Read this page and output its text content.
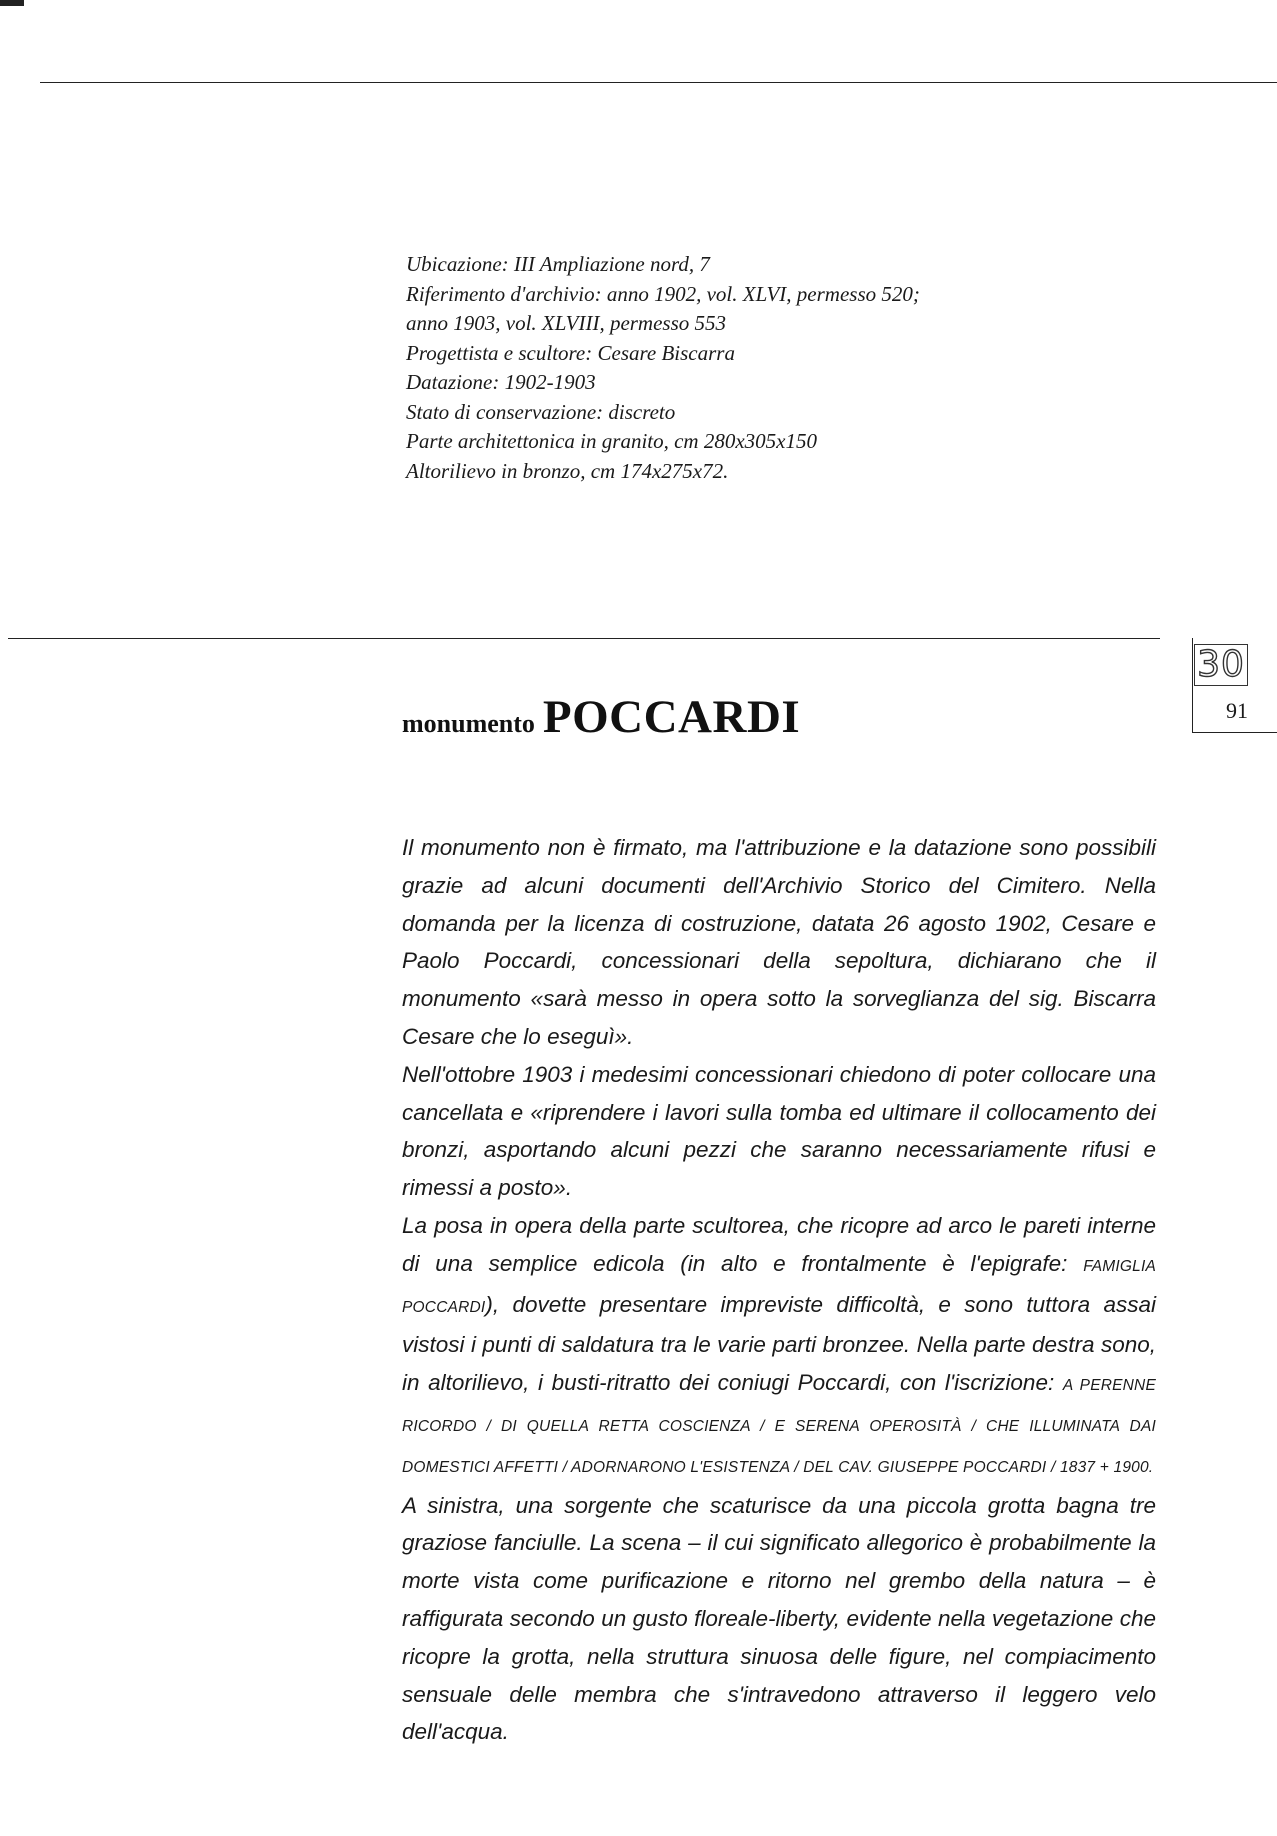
Ubicazione: III Ampliazione nord, 7

Riferimento d'archivio: anno 1902, vol. XLVI, permesso 520;

anno 1903, vol. XLVIII, permesso 553

Progettista e scultore: Cesare Biscarra

Datazione: 1902-1903

Stato di conservazione: discreto

Parte architettonica in granito, cm 280x305x150

Altorilievo in bronzo, cm 174x275x72.

30
91
monumento POCCARDI

Il monumento non è firmato, ma l'attribuzione e la datazione sono possibili grazie ad alcuni documenti dell'Archivio Storico del Cimitero. Nella domanda per la licenza di costruzione, datata 26 agosto 1902, Cesare e Paolo Poccardi, concessionari della sepoltura, dichiarano che il monumento «sarà messo in opera sotto la sorveglianza del sig. Biscarra Cesare che lo eseguì».

Nell'ottobre 1903 i medesimi concessionari chiedono di poter collocare una cancellata e «riprendere i lavori sulla tomba ed ultimare il collocamento dei bronzi, asportando alcuni pezzi che saranno necessariamente rifusi e rimessi a posto».

La posa in opera della parte scultorea, che ricopre ad arco le pareti interne di una semplice edicola (in alto e frontalmente è l'epigrafe: FAMIGLIA POCCARDI), dovette presentare impreviste difficoltà, e sono tuttora assai vistosi i punti di saldatura tra le varie parti bronzee. Nella parte destra sono, in altorilievo, i busti-ritratto dei coniugi Poccardi, con l'iscrizione: A PERENNE RICORDO / DI QUELLA RETTA COSCIENZA / E SERENA OPEROSITÀ / CHE ILLUMINATA DAI DOMESTICI AFFETTI / ADORNARONO L'ESISTENZA / DEL CAV. GIUSEPPE POCCARDI / 1837 + 1900.

A sinistra, una sorgente che scaturisce da una piccola grotta bagna tre graziose fanciulle. La scena – il cui significato allegorico è probabilmente la morte vista come purificazione e ritorno nel grembo della natura – è raffigurata secondo un gusto floreale-liberty, evidente nella vegetazione che ricopre la grotta, nella struttura sinuosa delle figure, nel compiacimento sensuale delle membra che s'intravedono attraverso il leggero velo dell'acqua.
